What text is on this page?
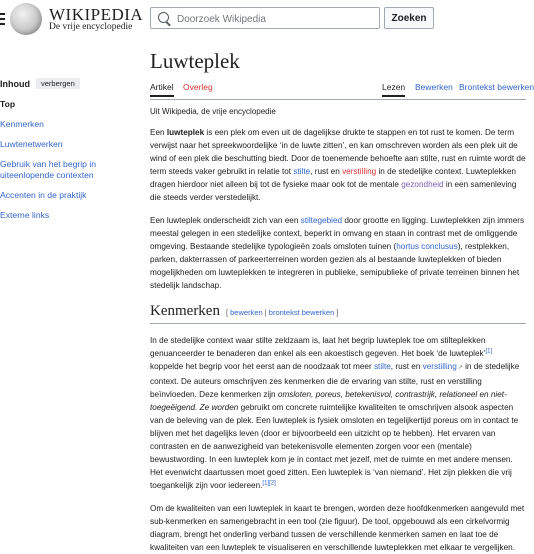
WIKIPEDIA
De vrije encyclopedie
Doorzoek Wikipedia
Zoeken
Inhoud	verbergen
Top
Kenmerken
Luwtenetwerken
Gebruik van het begrip in uiteenlopende contexten
Accenten in de praktijk
Externe links
Luwteplek
Artikel Overleg	Lezen Bewerken Brontekst bewerken
Uit Wikipedia, de vrije encyclopedie

Een luwteplek is een plek om even uit de dagelijkse drukte te stappen en tot rust te komen. De term verwijst naar het spreekwoordelijke ‘in de luwte zitten’, en kan omschreven worden als een plek uit de wind of een plek die beschutting biedt. Door de toenemende behoefte aan stilte, rust en ruimte wordt de term steeds vaker gebruikt in relatie tot stilte, rust en verstilling in de stedelijke context. Luwteplekken dragen hierdoor niet alleen bij tot de fysieke maar ook tot de mentale gezondheid in een samenleving die steeds verder verstedelijkt.

Een luwteplek onderscheidt zich van een stiltegebied door grootte en ligging. Luwteplekken zijn immers meestal gelegen in een stedelijke context, beperkt in omvang en staan in contrast met de omliggende omgeving. Bestaande stedelijke typologieën zoals omsloten tuinen (hortus conclusus), restplekken, parken, dakterrassen of parkeerterreinen worden gezien als al bestaande luwteplekken of bieden mogelijkheden om luwteplekken te integreren in publieke, semipublieke of private terreinen binnen het stedelijk landschap.

Kenmerken [ bewerken | brontekst bewerken ]

In de stedelijke context waar stilte zeldzaam is, laat het begrip luwteplek toe om stilteplekken genuanceerder te benaderen dan enkel als een akoestisch gegeven. Het boek ‘de luwteplek’[1] koppelde het begrip voor het eerst aan de noodzaak tot meer stilte, rust en verstilling ↗ in de stedelijke context. De auteurs omschrijven zes kenmerken die de ervaring van stilte, rust en verstilling beïnvloeden. Deze kenmerken zijn omsloten, poreus, betekenisvol, contrastrijk, relationeel en niet-toegeëigend. Ze worden gebruikt om concrete ruimtelijke kwaliteiten te omschrijven alsook aspecten van de beleving van de plek. Een luwteplek is fysiek omsloten en tegelijkertijd poreus om in contact te blijven met het dagelijks leven (door er bijvoorbeeld een uitzicht op te hebben). Het ervaren van contrasten en de aanwezigheid van betekenisvolle elementen zorgen voor een (mentale) bewustwording. In een luwteplek kom je in contact met jezelf, met de ruimte en met andere mensen. Het evenwicht daartussen moet goed zitten. Een luwteplek is ‘van niemand’. Het zijn plekken die vrij toegankelijk zijn voor iedereen.[1][2]

Om de kwaliteiten van een luwteplek in kaart te brengen, worden deze hoofdkenmerken aangevuld met sub-kenmerken en samengebracht in een tool (zie figuur). De tool, opgebouwd als een cirkelvormig diagram, brengt het onderling verband tussen de verschillende kenmerken samen en laat toe de kwaliteiten van een luwteplek te visualiseren en verschillende luwteplekken met elkaar te vergelijken.
